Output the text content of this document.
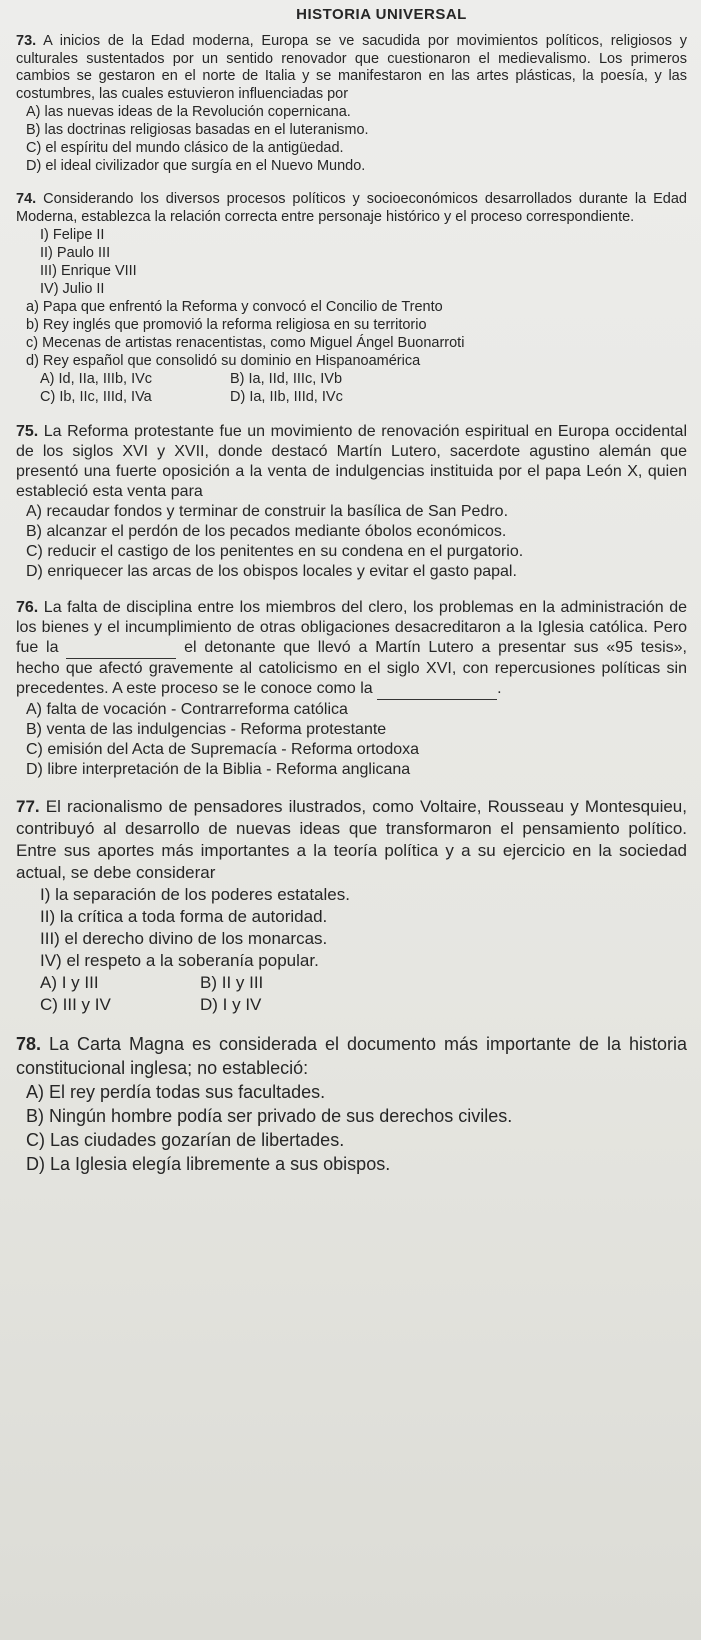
HISTORIA UNIVERSAL

73. A inicios de la Edad moderna, Europa se ve sacudida por movimientos políticos, religiosos y culturales sustentados por un sentido renovador que cuestionaron el medievalismo. Los primeros cambios se gestaron en el norte de Italia y se manifestaron en las artes plásticas, la poesía, y las costumbres, las cuales estuvieron influenciadas por

A) las nuevas ideas de la Revolución copernicana.
B) las doctrinas religiosas basadas en el luteranismo.
C) el espíritu del mundo clásico de la antigüedad.
D) el ideal civilizador que surgía en el Nuevo Mundo.

74. Considerando los diversos procesos políticos y socioeconómicos desarrollados durante la Edad Moderna, establezca la relación correcta entre personaje histórico y el proceso correspondiente.

I) Felipe II
II) Paulo III
III) Enrique VIII
IV) Julio II
a) Papa que enfrentó la Reforma y convocó el Concilio de Trento
b) Rey inglés que promovió la reforma religiosa en su territorio
c) Mecenas de artistas renacentistas, como Miguel Ángel Buonarroti
d) Rey español que consolidó su dominio en Hispanoamérica
A) Id, IIa, IIIb, IVc	B) Ia, IId, IIIc, IVb
C) Ib, IIc, IIId, IVa	D) Ia, IIb, IIId, IVc

75. La Reforma protestante fue un movimiento de renovación espiritual en Europa occidental de los siglos XVI y XVII, donde destacó Martín Lutero, sacerdote agustino alemán que presentó una fuerte oposición a la venta de indulgencias instituida por el papa León X, quien estableció esta venta para

A) recaudar fondos y terminar de construir la basílica de San Pedro.
B) alcanzar el perdón de los pecados mediante óbolos económicos.
C) reducir el castigo de los penitentes en su condena en el purgatorio.
D) enriquecer las arcas de los obispos locales y evitar el gasto papal.

76. La falta de disciplina entre los miembros del clero, los problemas en la administración de los bienes y el incumplimiento de otras obligaciones desacreditaron a la Iglesia católica. Pero fue la	el detonante que llevó a Martín Lutero a presentar sus «95 tesis», hecho que afectó gravemente al catolicismo en el siglo XVI, con repercusiones políticas sin precedentes. A este proceso se le conoce como la	.

A) falta de vocación - Contrarreforma católica
B) venta de las indulgencias - Reforma protestante
C) emisión del Acta de Supremacía - Reforma ortodoxa
D) libre interpretación de la Biblia - Reforma anglicana

77. El racionalismo de pensadores ilustrados, como Voltaire, Rousseau y Montesquieu, contribuyó al desarrollo de nuevas ideas que transformaron el pensamiento político. Entre sus aportes más importantes a la teoría política y a su ejercicio en la sociedad actual, se debe considerar

I) la separación de los poderes estatales.
II) la crítica a toda forma de autoridad.
III) el derecho divino de los monarcas.
IV) el respeto a la soberanía popular.
A) I y III	B) II y III
C) III y IV	D) I y IV

78. La Carta Magna es considerada el documento más importante de la historia constitucional inglesa; no estableció:

A) El rey perdía todas sus facultades.
B) Ningún hombre podía ser privado de sus derechos civiles.
C) Las ciudades gozarían de libertades.
D) La Iglesia elegía libremente a sus obispos.
